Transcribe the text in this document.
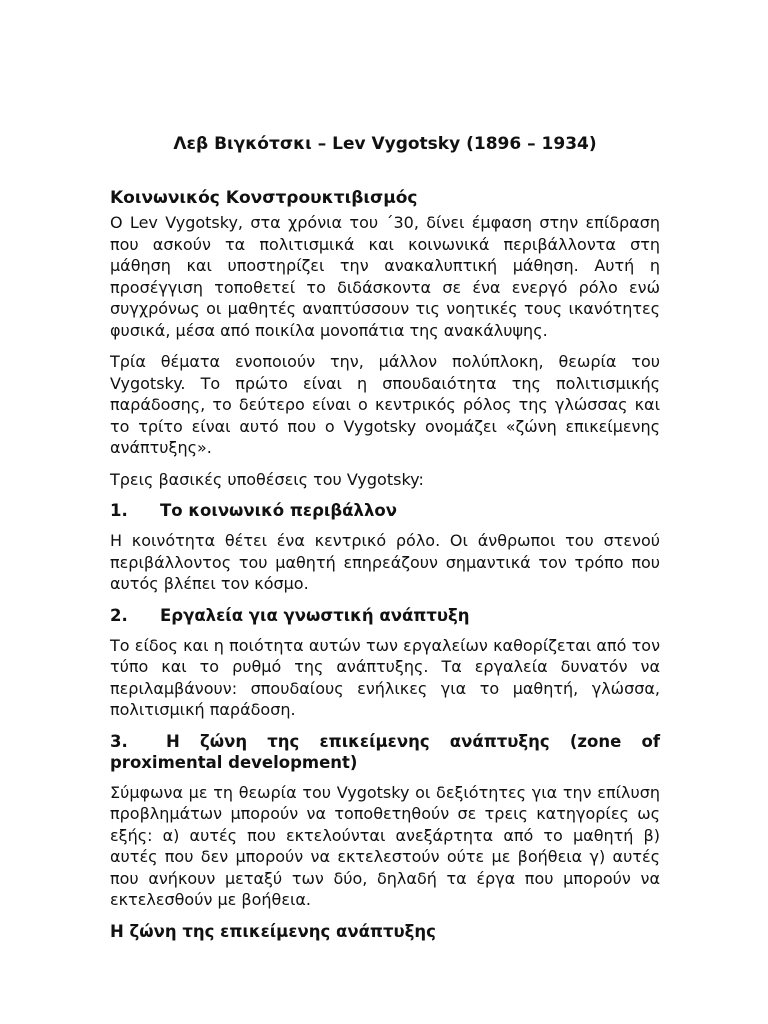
Λεβ Βιγκότσκι – Lev Vygotsky (1896 – 1934)
Κοινωνικός Κονστρουκτιβισμός

Ο Lev Vygotsky, στα χρόνια του ΄30, δίνει έμφαση στην επίδραση που ασκούν τα πολιτισμικά και κοινωνικά περιβάλλοντα στη μάθηση και υποστηρίζει την ανακαλυπτική μάθηση. Αυτή η προσέγγιση τοποθετεί το διδάσκοντα σε ένα ενεργό ρόλο ενώ συγχρόνως οι μαθητές αναπτύσσουν τις νοητικές τους ικανότητες φυσικά, μέσα από ποικίλα μονοπάτια της ανακάλυψης.

Τρία θέματα ενοποιούν την, μάλλον πολύπλοκη, θεωρία του Vygotsky. Το πρώτο είναι η σπουδαιότητα της πολιτισμικής παράδοσης, το δεύτερο είναι ο κεντρικός ρόλος της γλώσσας και το τρίτο είναι αυτό που ο Vygotsky ονομάζει «ζώνη επικείμενης ανάπτυξης».

Τρεις βασικές υποθέσεις του Vygotsky:

1. Το κοινωνικό περιβάλλον

Η κοινότητα θέτει ένα κεντρικό ρόλο. Οι άνθρωποι του στενού περιβάλλοντος του μαθητή επηρεάζουν σημαντικά τον τρόπο που αυτός βλέπει τον κόσμο.

2. Εργαλεία για γνωστική ανάπτυξη

Το είδος και η ποιότητα αυτών των εργαλείων καθορίζεται από τον τύπο και το ρυθμό της ανάπτυξης. Τα εργαλεία δυνατόν να περιλαμβάνουν: σπουδαίους ενήλικες για το μαθητή, γλώσσα, πολιτισμική παράδοση.

3. Η ζώνη της επικείμενης ανάπτυξης (zone of proximental development)

Σύμφωνα με τη θεωρία του Vygotsky οι δεξιότητες για την επίλυση προβλημάτων μπορούν να τοποθετηθούν σε τρεις κατηγορίες ως εξής: α) αυτές που εκτελούνται ανεξάρτητα από το μαθητή β) αυτές που δεν μπορούν να εκτελεστούν ούτε με βοήθεια γ) αυτές που ανήκουν μεταξύ των δύο, δηλαδή τα έργα που μπορούν να εκτελεσθούν με βοήθεια.

Η ζώνη της επικείμενης ανάπτυξης
